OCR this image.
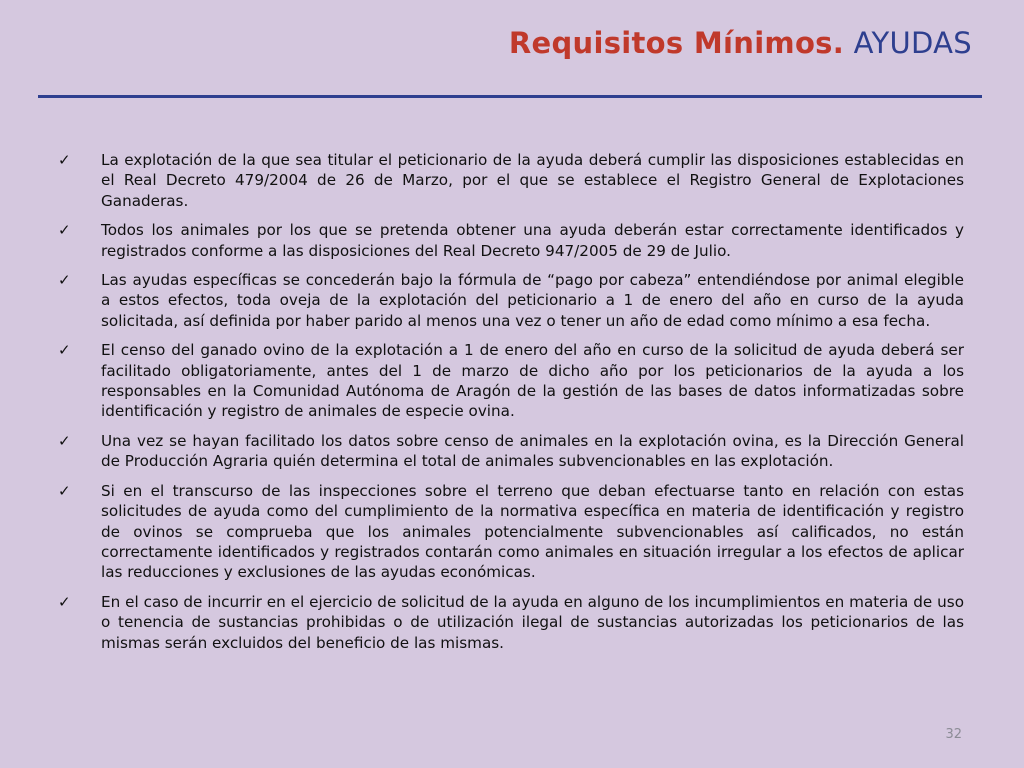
Requisitos Mínimos. AYUDAS
✓ La explotación de la que sea titular el peticionario de la ayuda deberá cumplir las disposiciones establecidas en el Real Decreto 479/2004 de 26 de Marzo, por el que se establece el Registro General de Explotaciones Ganaderas.
✓ Todos los animales por los que se pretenda obtener una ayuda deberán estar correctamente identificados y registrados conforme a las disposiciones del Real Decreto 947/2005 de 29 de Julio.
✓ Las ayudas específicas se concederán bajo la fórmula de “pago por cabeza” entendiéndose por animal elegible a estos efectos, toda oveja de la explotación del peticionario a 1 de enero del año en curso de la ayuda solicitada, así definida por haber parido al menos una vez o tener un año de edad como mínimo a esa fecha.
✓ El censo del ganado ovino de la explotación a 1 de enero del año en curso de la solicitud de ayuda deberá ser facilitado obligatoriamente, antes del 1 de marzo de dicho año por los peticionarios de la ayuda a los responsables en la Comunidad Autónoma de Aragón de la gestión de las bases de datos informatizadas sobre identificación y registro de animales de especie ovina.
✓ Una vez se hayan facilitado los datos sobre censo de animales en la explotación ovina, es la Dirección General de Producción Agraria quién determina el total de animales subvencionables en las explotación.
✓ Si en el transcurso de las inspecciones sobre el terreno que deban efectuarse tanto en relación con estas solicitudes de ayuda como del cumplimiento de la normativa específica en materia de identificación y registro de ovinos se comprueba que los animales potencialmente subvencionables así calificados, no están correctamente identificados y registrados contarán como animales en situación irregular a los efectos de aplicar las reducciones y exclusiones de las ayudas económicas.
✓ En el caso de incurrir en el ejercicio de solicitud de la ayuda en alguno de los incumplimientos en materia de uso o tenencia de sustancias prohibidas o de utilización ilegal de sustancias autorizadas los peticionarios de las mismas serán excluidos del beneficio de las mismas.
32
